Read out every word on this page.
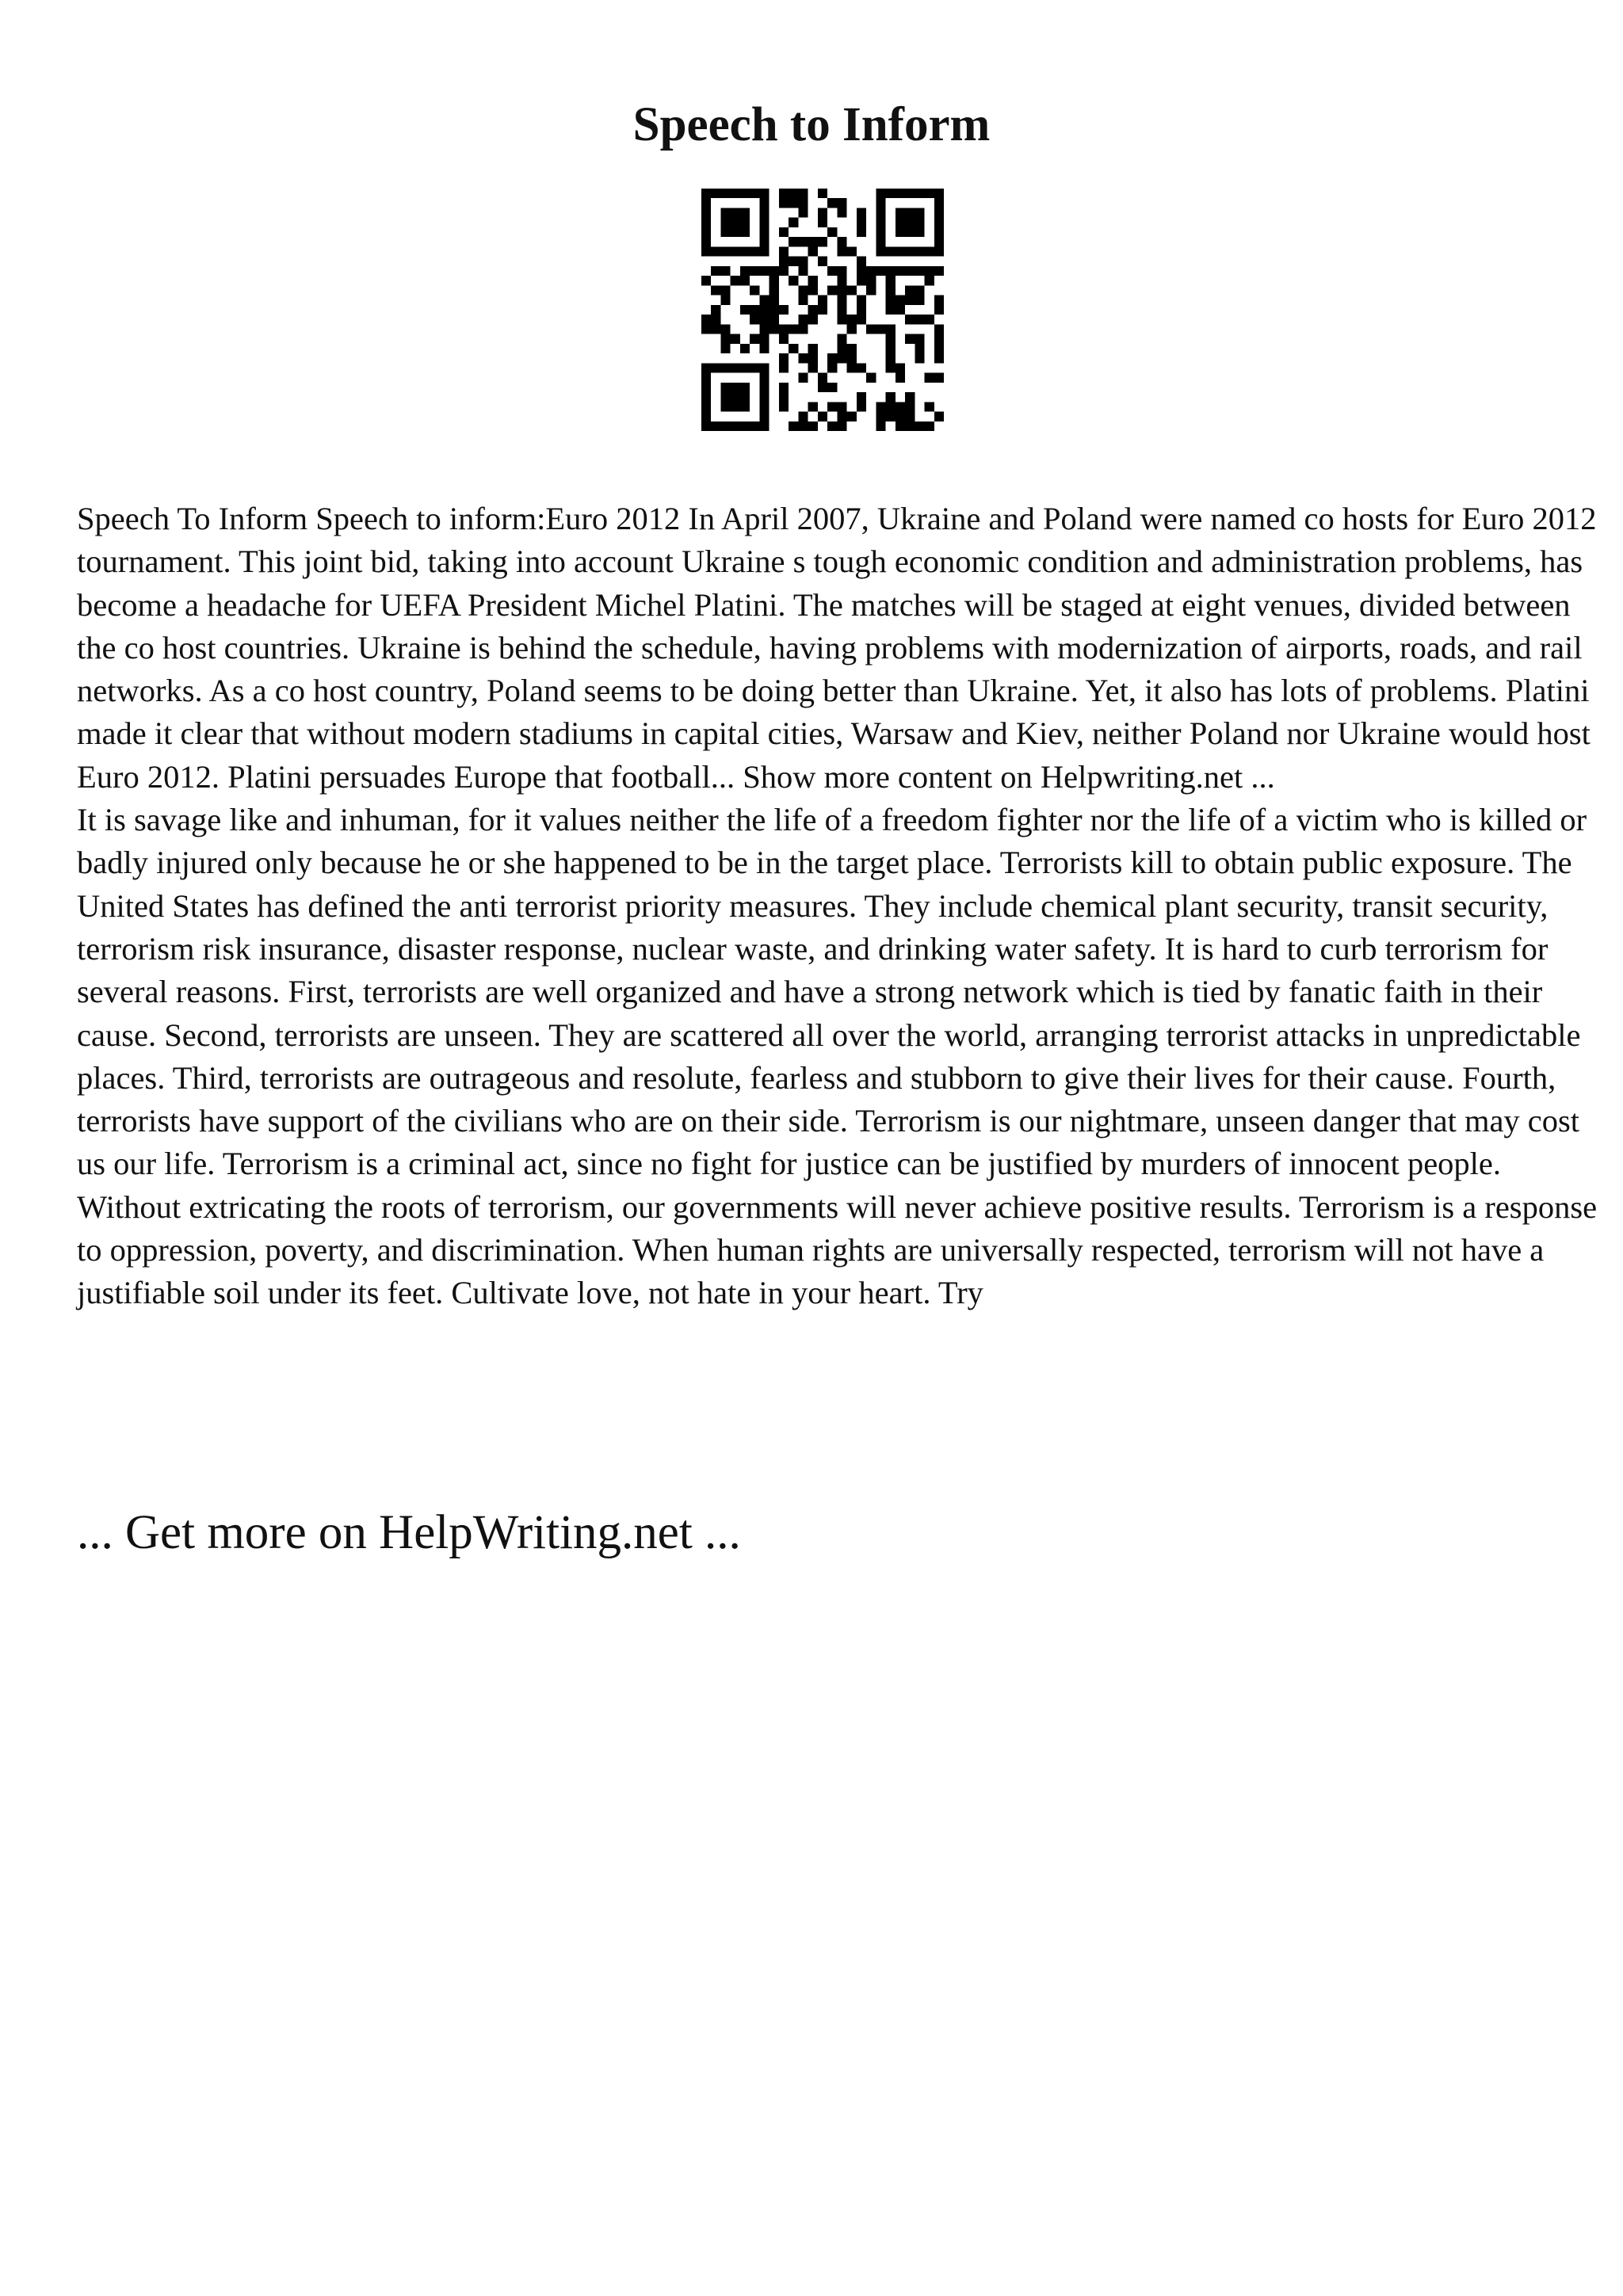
Speech to Inform

Speech To Inform Speech to inform:Euro 2012 In April 2007, Ukraine and Poland were named co hosts for Euro 2012 tournament. This joint bid, taking into account Ukraine s tough economic condition and administration problems, has become a headache for UEFA President Michel Platini. The matches will be staged at eight venues, divided between the co host countries. Ukraine is behind the schedule, having problems with modernization of airports, roads, and rail networks. As a co host country, Poland seems to be doing better than Ukraine. Yet, it also has lots of problems. Platini made it clear that without modern stadiums in capital cities, Warsaw and Kiev, neither Poland nor Ukraine would host Euro 2012. Platini persuades Europe that football... Show more content on Helpwriting.net ...

It is savage like and inhuman, for it values neither the life of a freedom fighter nor the life of a victim who is killed or badly injured only because he or she happened to be in the target place. Terrorists kill to obtain public exposure. The United States has defined the anti terrorist priority measures. They include chemical plant security, transit security, terrorism risk insurance, disaster response, nuclear waste, and drinking water safety. It is hard to curb terrorism for several reasons. First, terrorists are well organized and have a strong network which is tied by fanatic faith in their cause. Second, terrorists are unseen. They are scattered all over the world, arranging terrorist attacks in unpredictable places. Third, terrorists are outrageous and resolute, fearless and stubborn to give their lives for their cause. Fourth, terrorists have support of the civilians who are on their side. Terrorism is our nightmare, unseen danger that may cost us our life. Terrorism is a criminal act, since no fight for justice can be justified by murders of innocent people. Without extricating the roots of terrorism, our governments will never achieve positive results. Terrorism is a response to oppression, poverty, and discrimination. When human rights are universally respected, terrorism will not have a justifiable soil under its feet. Cultivate love, not hate in your heart. Try

... Get more on HelpWriting.net ...
